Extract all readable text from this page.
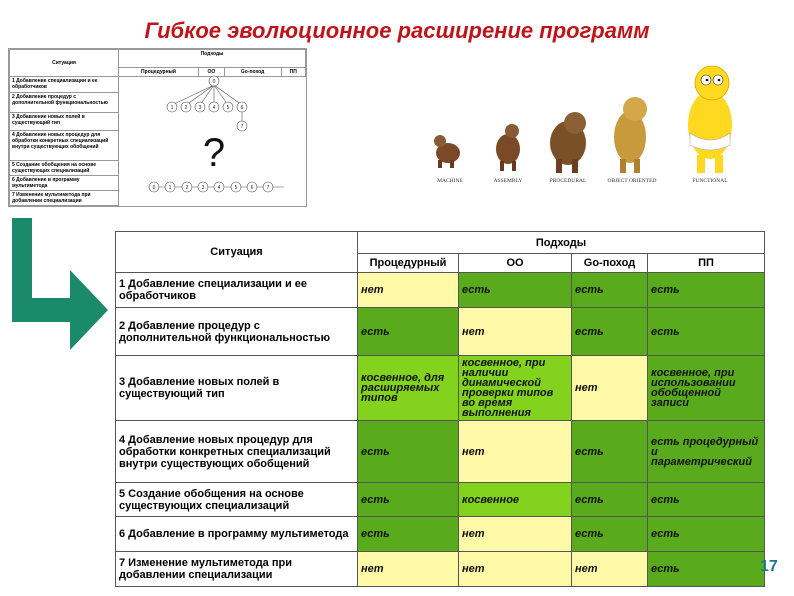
Гибкое эволюционное расширение программ
Ситуация	Подходы			
	Процедурный	ОО	Go-поход	ПП
1 Добавление специализации и ее обработчиков				
2 Добавление процедур с дополнительной функциональностью				
3 Добавление новых полей в существующий тип				
4 Добавление новых процедур для обработки конкретных специализаций внутри существующих обобщений				
5 Создание обобщения на основе существующих специализаций				
6 Добавление в программу мультиметода				
7 Изменение мультиметода при добавлении специализации				
0
1 2 3 4 5 6
7
0	1	2	3	4	5	6	7
?
MACHINE	ASSEMBLY	PROCEDURAL	OBJECT ORIENTED	FUNCTIONAL
Ситуация	Подходы			
	Процедурный	ОО	Go-поход	ПП
1 Добавление специализации и ее обработчиков	нет	есть	есть	есть
2 Добавление процедур с дополнительной функциональностью	есть	нет	есть	есть
3 Добавление новых полей в существующий тип	косвенное, для расширяемых типов	косвенное, при наличии динамической проверки типов во время выполнения	нет	косвенное, при использовании обобщенной записи
4 Добавление новых процедур для обработки конкретных специализаций внутри существующих обобщений	есть	нет	есть	есть процедурный и параметрический
5 Создание обобщения на основе существующих специализаций	есть	косвенное	есть	есть
6 Добавление в программу мультиметода	есть	нет	есть	есть
7 Изменение мультиметода при добавлении специализации	нет	нет	нет	есть	17
